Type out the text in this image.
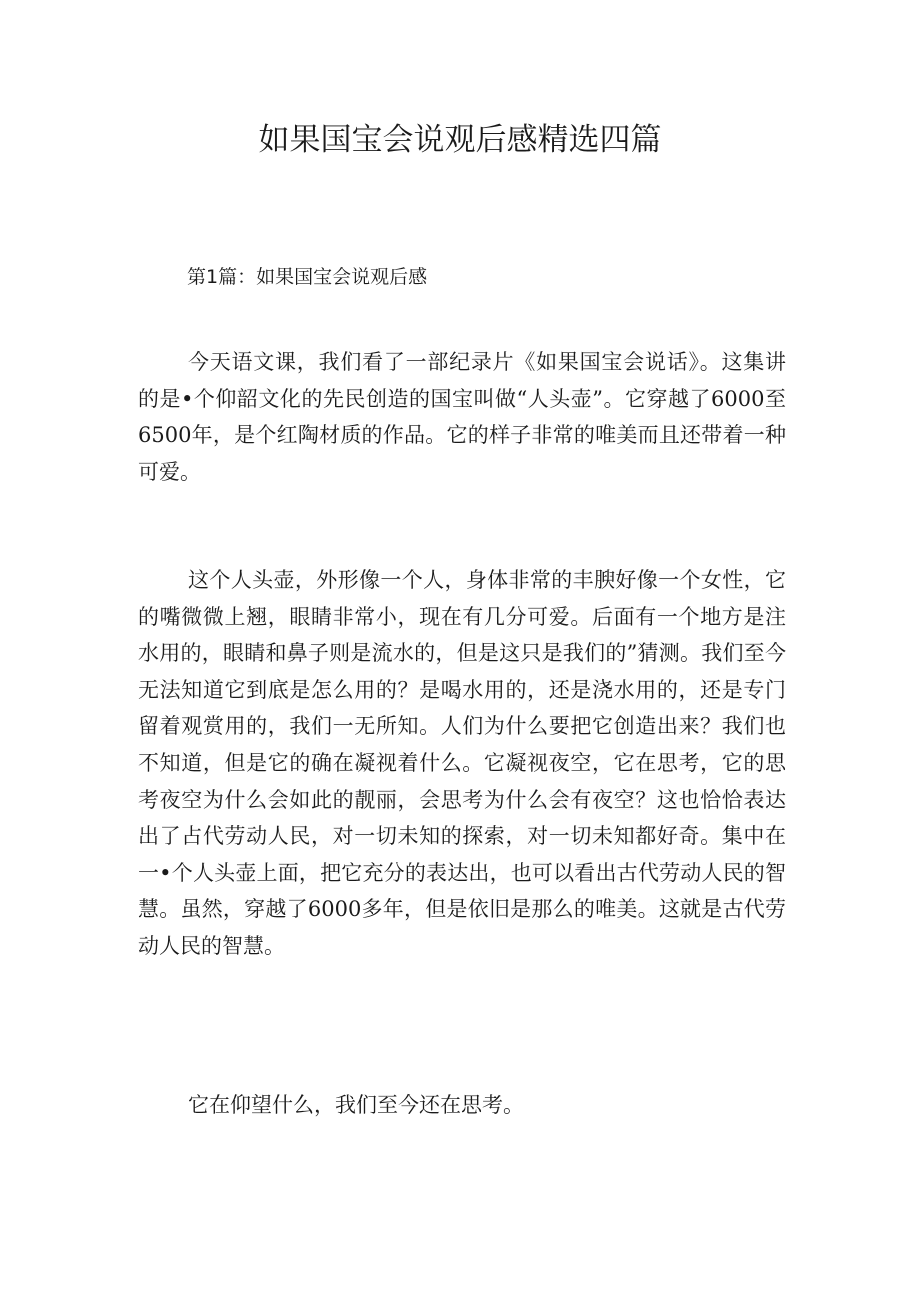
如果国宝会说观后感精选四篇
第1篇：如果国宝会说观后感

今天语文课，我们看了一部纪录片《如果国宝会说话》。这集讲的是•个仰韶文化的先民创造的国宝叫做“人头壶”。它穿越了6000至6500年，是个红陶材质的作品。它的样子非常的唯美而且还带着一种可爱。

这个人头壶，外形像一个人，身体非常的丰腴好像一个女性，它的嘴微微上翘，眼睛非常小，现在有几分可爱。后面有一个地方是注水用的，眼睛和鼻子则是流水的，但是这只是我们的”猜测。我们至今无法知道它到底是怎么用的？是喝水用的，还是浇水用的，还是专门留着观赏用的，我们一无所知。人们为什么要把它创造出来？我们也不知道，但是它的确在凝视着什么。它凝视夜空，它在思考，它的思考夜空为什么会如此的靓丽，会思考为什么会有夜空？这也恰恰表达出了占代劳动人民，对一切未知的探索，对一切未知都好奇。集中在一•个人头壶上面，把它充分的表达出，也可以看出古代劳动人民的智慧。虽然，穿越了6000多年，但是依旧是那么的唯美。这就是古代劳动人民的智慧。

它在仰望什么，我们至今还在思考。
